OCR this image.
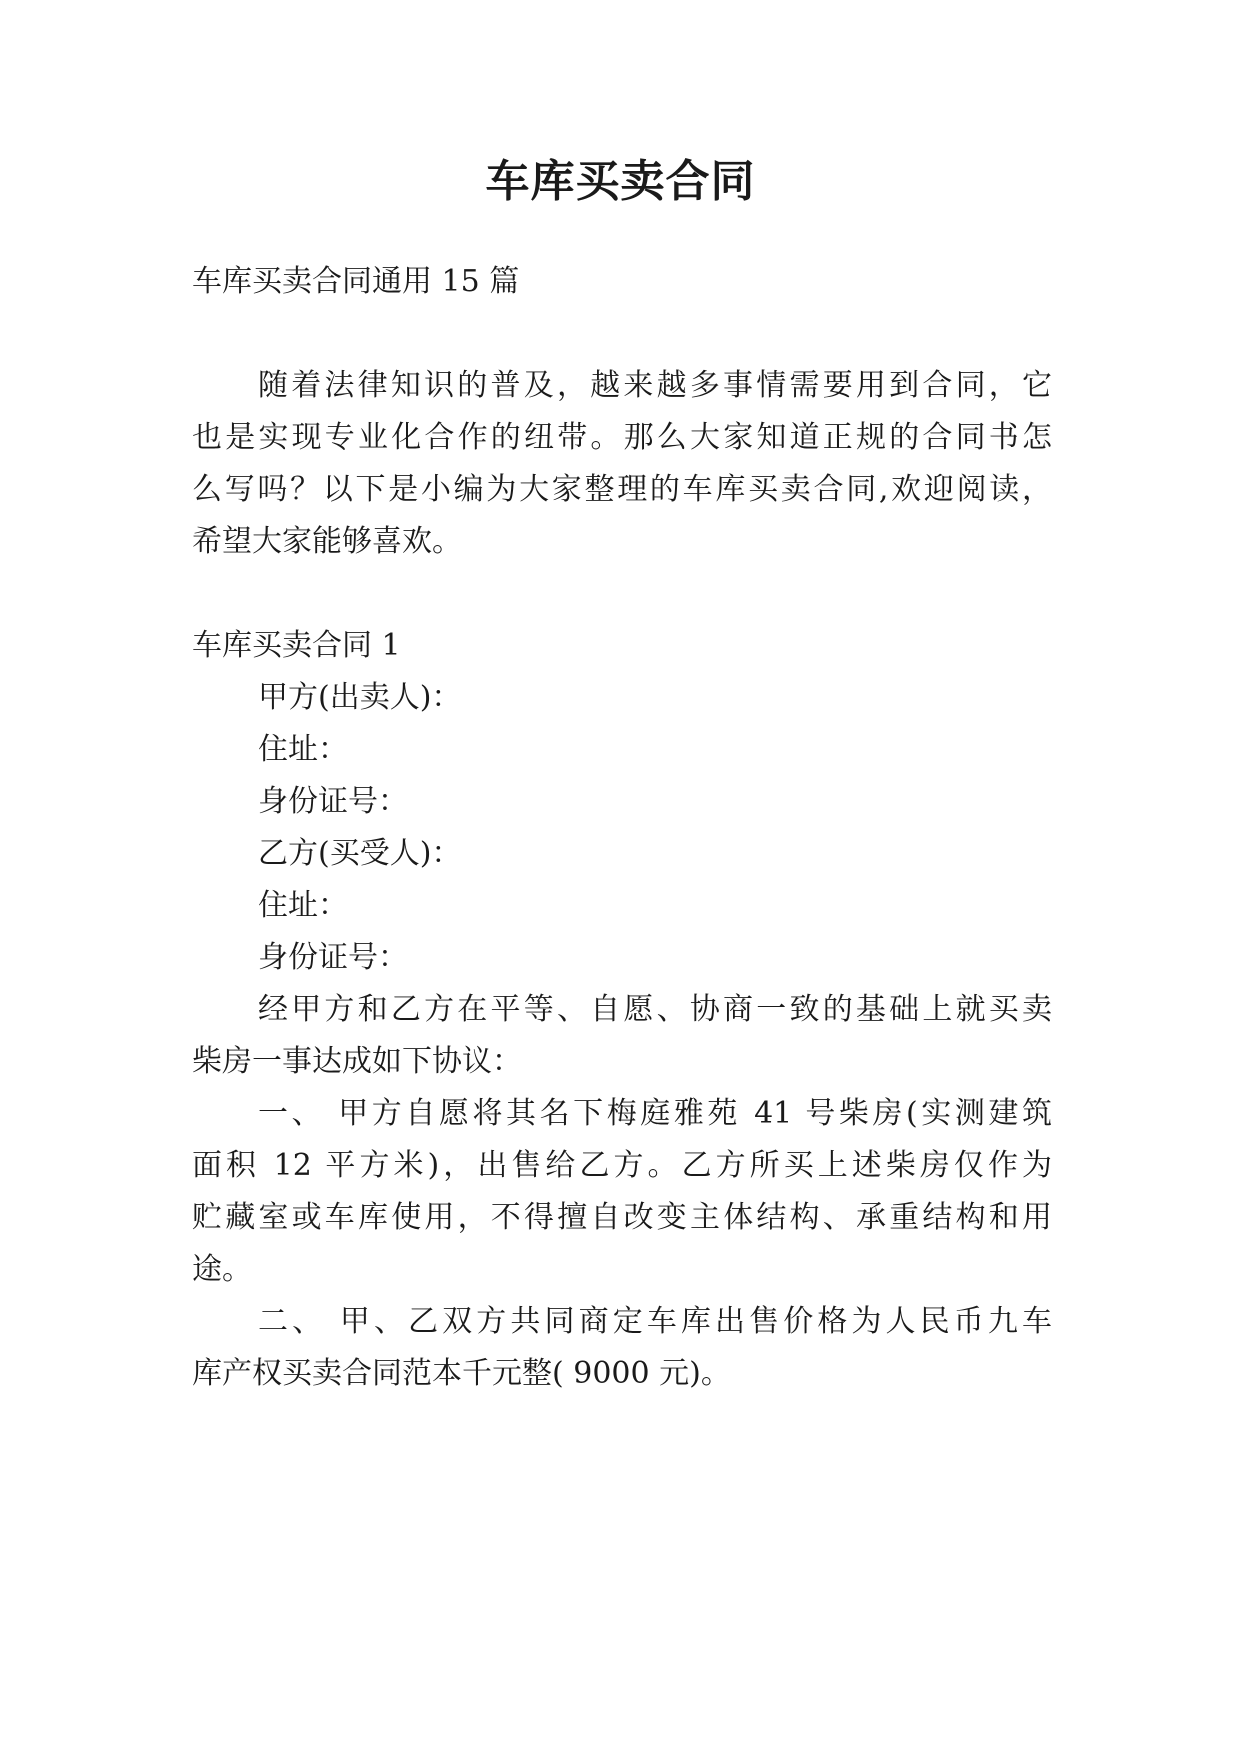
车库买卖合同

车库买卖合同通用 15 篇

随着法律知识的普及，越来越多事情需要用到合同，它

也是实现专业化合作的纽带。那么大家知道正规的合同书怎

么写吗？以下是小编为大家整理的车库买卖合同,欢迎阅读，

希望大家能够喜欢。

车库买卖合同 1

甲方(出卖人)：

住址：

身份证号：

乙方(买受人)：

住址：

身份证号：

经甲方和乙方在平等、自愿、协商一致的基础上就买卖

柴房一事达成如下协议：

一、 甲方自愿将其名下梅庭雅苑 41 号柴房(实测建筑

面积 12 平方米)，出售给乙方。乙方所买上述柴房仅作为

贮藏室或车库使用，不得擅自改变主体结构、承重结构和用

途。

二、 甲、乙双方共同商定车库出售价格为人民币九车

库产权买卖合同范本千元整( 9000 元)。
